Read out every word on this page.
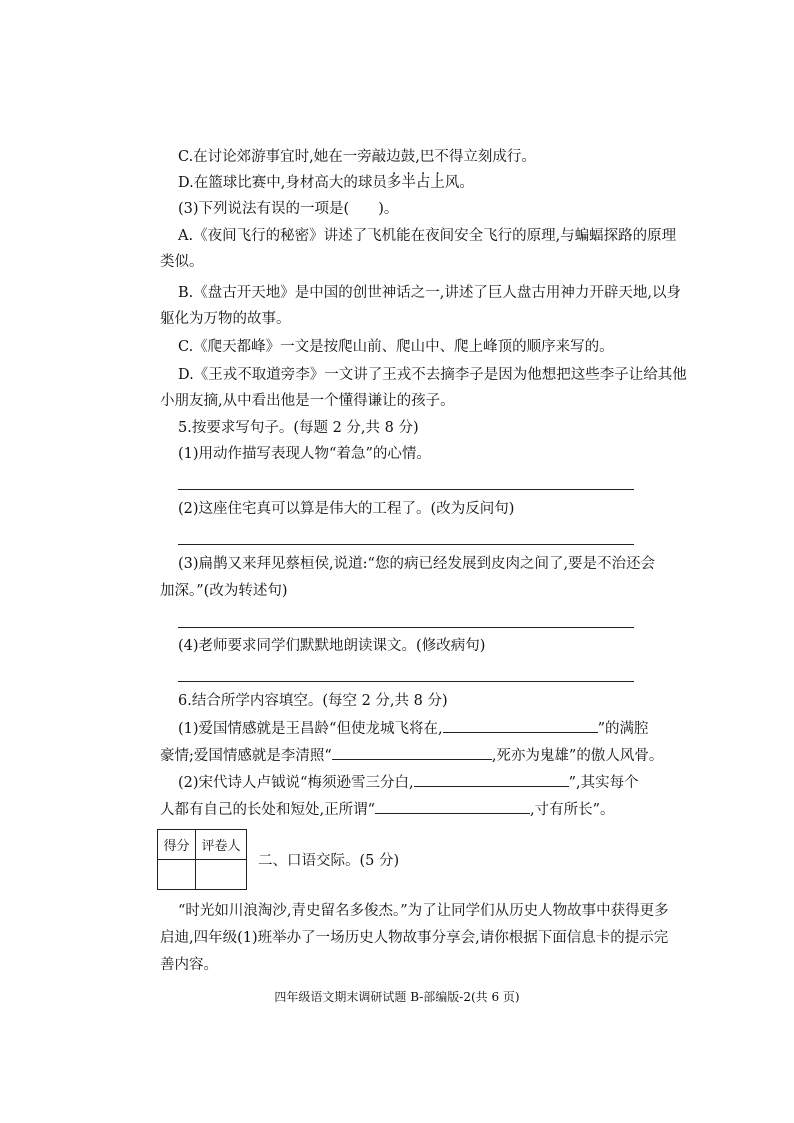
C.在讨论郊游事宜时,她在一旁敲边鼓,巴不得立刻成行。
D.在篮球比赛中,身材高大的球员多半占上风。
(3)下列说法有误的一项是(　　)。
A.《夜间飞行的秘密》讲述了飞机能在夜间安全飞行的原理,与蝙蝠探路的原理
类似。
B.《盘古开天地》是中国的创世神话之一,讲述了巨人盘古用神力开辟天地,以身
躯化为万物的故事。
C.《爬天都峰》一文是按爬山前、爬山中、爬上峰顶的顺序来写的。
D.《王戎不取道旁李》一文讲了王戎不去摘李子是因为他想把这些李子让给其他
小朋友摘,从中看出他是一个懂得谦让的孩子。
5.按要求写句子。(每题 2 分,共 8 分)
(1)用动作描写表现人物“着急”的心情。
(2)这座住宅真可以算是伟大的工程了。(改为反问句)
(3)扁鹊又来拜见蔡桓侯,说道:“您的病已经发展到皮肉之间了,要是不治还会
加深。”(改为转述句)
(4)老师要求同学们默默地朗读课文。(修改病句)
6.结合所学内容填空。(每空 2 分,共 8 分)
(1)爱国情感就是王昌龄“但使龙城飞将在,	”的满腔
豪情;爱国情感就是李清照“	,死亦为鬼雄”的傲人风骨。
(2)宋代诗人卢钺说“梅须逊雪三分白,	”,其实每个
人都有自己的长处和短处,正所谓“	,寸有所长”。
得分	评卷人

二、口语交际。(5 分)
“时光如川浪淘沙,青史留名多俊杰。”为了让同学们从历史人物故事中获得更多
启迪,四年级(1)班举办了一场历史人物故事分享会,请你根据下面信息卡的提示完
善内容。
四年级语文期末调研试题 B-部编版-2(共 6 页)
